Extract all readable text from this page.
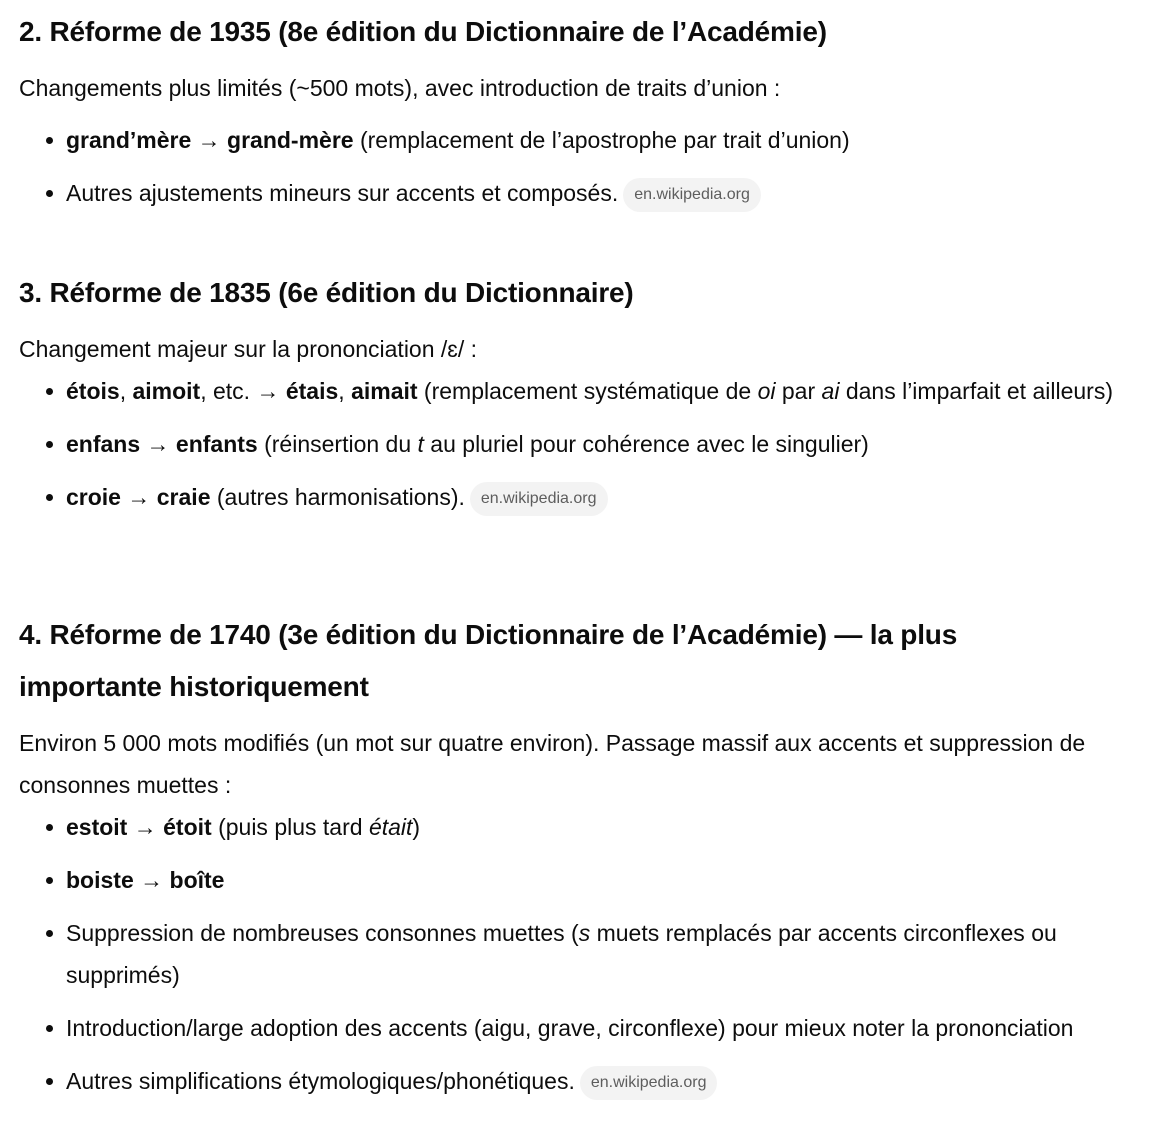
2. Réforme de 1935 (8e édition du Dictionnaire de l’Académie)

Changements plus limités (~500 mots), avec introduction de traits d’union :

grand’mère → grand-mère (remplacement de l’apostrophe par trait d’union)
Autres ajustements mineurs sur accents et composés. en.wikipedia.org
3. Réforme de 1835 (6e édition du Dictionnaire)

Changement majeur sur la prononciation /ɛ/ :

étois, aimoit, etc. → étais, aimait (remplacement systématique de oi par ai dans l’imparfait et ailleurs)
enfans → enfants (réinsertion du t au pluriel pour cohérence avec le singulier)
croie → craie (autres harmonisations). en.wikipedia.org
4. Réforme de 1740 (3e édition du Dictionnaire de l’Académie) — la plus importante historiquement

Environ 5 000 mots modifiés (un mot sur quatre environ). Passage massif aux accents et suppression de consonnes muettes :

estoit → étoit (puis plus tard était)
boiste → boîte
Suppression de nombreuses consonnes muettes (s muets remplacés par accents circonflexes ou supprimés)
Introduction/large adoption des accents (aigu, grave, circonflexe) pour mieux noter la prononciation
Autres simplifications étymologiques/phonétiques. en.wikipedia.org
